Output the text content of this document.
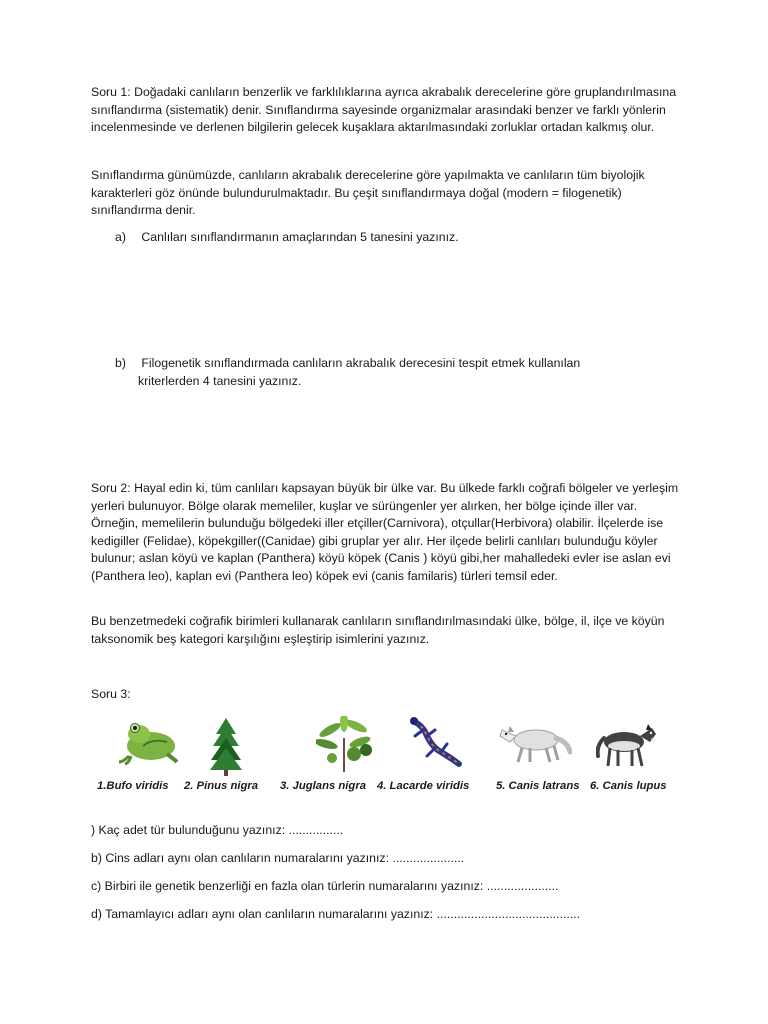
Soru 1: Doğadaki canlıların benzerlik ve farklılıklarına ayrıca akrabalık derecelerine göre gruplandırılmasına sınıflandırma (sistematik) denir. Sınıflandırma sayesinde organizmalar arasındaki benzer ve farklı yönlerin incelenmesinde ve derlenen bilgilerin gelecek kuşaklara aktarılmasındaki zorluklar ortadan kalkmış olur.

Sınıflandırma günümüzde, canlıların akrabalık derecelerine göre yapılmakta ve canlıların tüm biyolojik karakterleri göz önünde bulundurulmaktadır. Bu çeşit sınıflandırmaya doğal (modern = filogenetik) sınıflandırma denir.

a) Canlıları sınıflandırmanın amaçlarından 5 tanesini yazınız.

b) Filogenetik sınıflandırmada canlıların akrabalık derecesini tespit etmek kullanılan
kriterlerden 4 tanesini yazınız.

Soru 2: Hayal edin ki, tüm canlıları kapsayan büyük bir ülke var. Bu ülkede farklı coğrafi bölgeler ve yerleşim yerleri bulunuyor. Bölge olarak memeliler, kuşlar ve sürüngenler yer alırken, her bölge içinde iller var. Örneğin, memelilerin bulunduğu bölgedeki iller etçiller(Carnivora), otçullar(Herbivora) olabilir. İlçelerde ise kedigiller (Felidae), köpekgiller((Canidae) gibi gruplar yer alır. Her ilçede belirli canlıları bulunduğu köyler bulunur; aslan köyü ve kaplan (Panthera) köyü köpek (Canis ) köyü gibi,her mahalledeki evler ise aslan evi (Panthera leo), kaplan evi (Panthera leo) köpek evi (canis familaris) türleri temsil eder.

Bu benzetmedeki coğrafik birimleri kullanarak canlıların sınıflandırılmasındaki ülke, bölge, il, ilçe ve köyün taksonomik beş kategori karşılığını eşleştirip isimlerini yazınız.

Soru 3:

1.Bufo viridis 2. Pinus nigra 3. Juglans nigra 4. Lacarde viridis 5. Canis latrans 6. Canis lupus

) Kaç adet tür bulunduğunu yazınız: ................

b) Cins adları aynı olan canlıların numaralarını yazınız: .....................

c) Birbiri ile genetik benzerliği en fazla olan türlerin numaralarını yazınız: .....................

d) Tamamlayıcı adları aynı olan canlıların numaralarını yazınız: ..........................................
